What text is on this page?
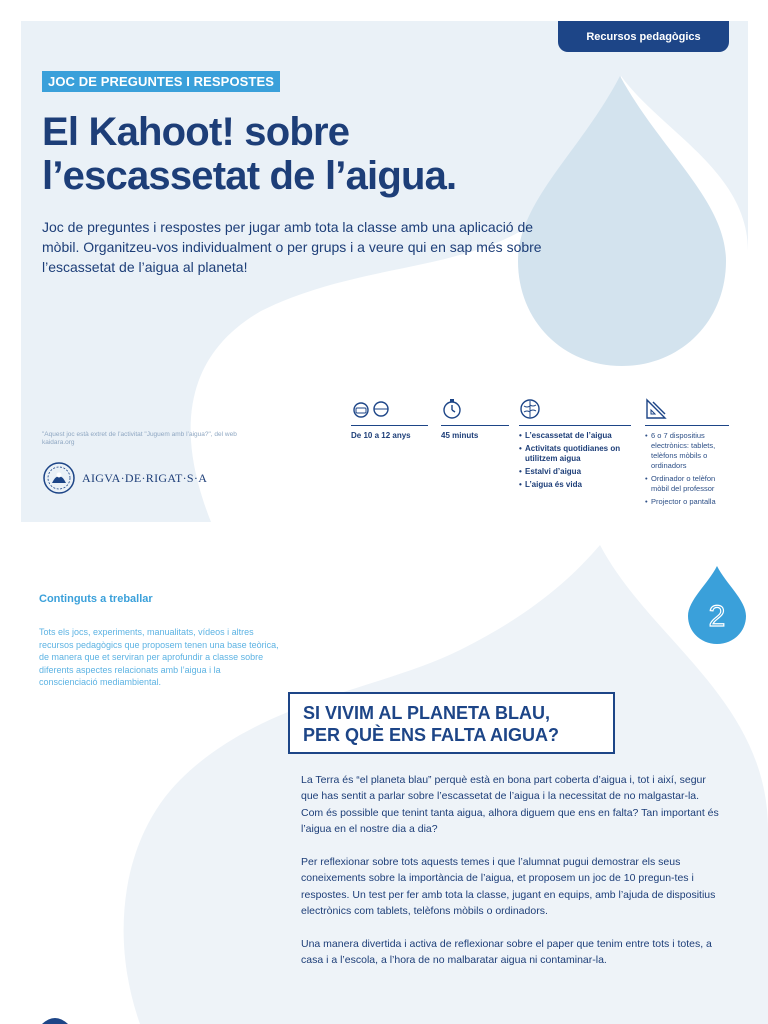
Recursos pedagògics
JOC DE PREGUNTES I RESPOSTES
El Kahoot! sobre
l’escassetat de l’aigua.
Joc de preguntes i respostes per jugar amb tota la classe amb una aplicació de mòbil. Organitzeu-vos individualment o per grups i a veure qui en sap més sobre l’escassetat de l’aigua al planeta!
"Aquest joc està extret de l’activitat "Juguem amb l’aigua?", del web kaidara.org
AIGVA·DE·RIGAT·S·A
De 10 a 12 anys	45 minuts
•	L’escassetat de l’aigua
• Activitats quotidianes on utilitzem aigua
• Estalvi d’aigua
• L’aigua és vida
• 6 o 7 dispositius electrònics: tablets, telèfons mòbils o ordinadors
• Ordinador o telèfon mòbil del professor
• Projector o pantalla
Continguts a treballar
Tots els jocs, experiments, manualitats, vídeos i altres recursos pedagògics que proposem tenen una base teòrica, de manera que et serviran per aprofundir a classe sobre diferents aspectes relacionats amb l’aigua i la conscienciació mediambiental.
2
SI VIVIM AL PLANETA BLAU,
PER QUÈ ENS FALTA AIGUA?
La Terra és “el planeta blau” perquè està en bona part coberta d’aigua i, tot i així, segur que has sentit a parlar sobre l’escassetat de l’aigua i la necessitat de no malgastar-la. Com és possible que tenint tanta aigua, alhora diguem que ens en falta? Tan important és l’aigua en el nostre dia a dia?
Per reflexionar sobre tots aquests temes i que l’alumnat pugui demostrar els seus coneixements sobre la importància de l’aigua, et proposem un joc de 10 pregun-tes i respostes. Un test per fer amb tota la classe, jugant en equips, amb l’ajuda de dispositius electrònics com tablets, telèfons mòbils o ordinadors.
Una manera divertida i activa de reflexionar sobre el paper que tenim entre tots i totes, a casa i a l’escola, a l’hora de no malbaratar aigua ni contaminar-la.
